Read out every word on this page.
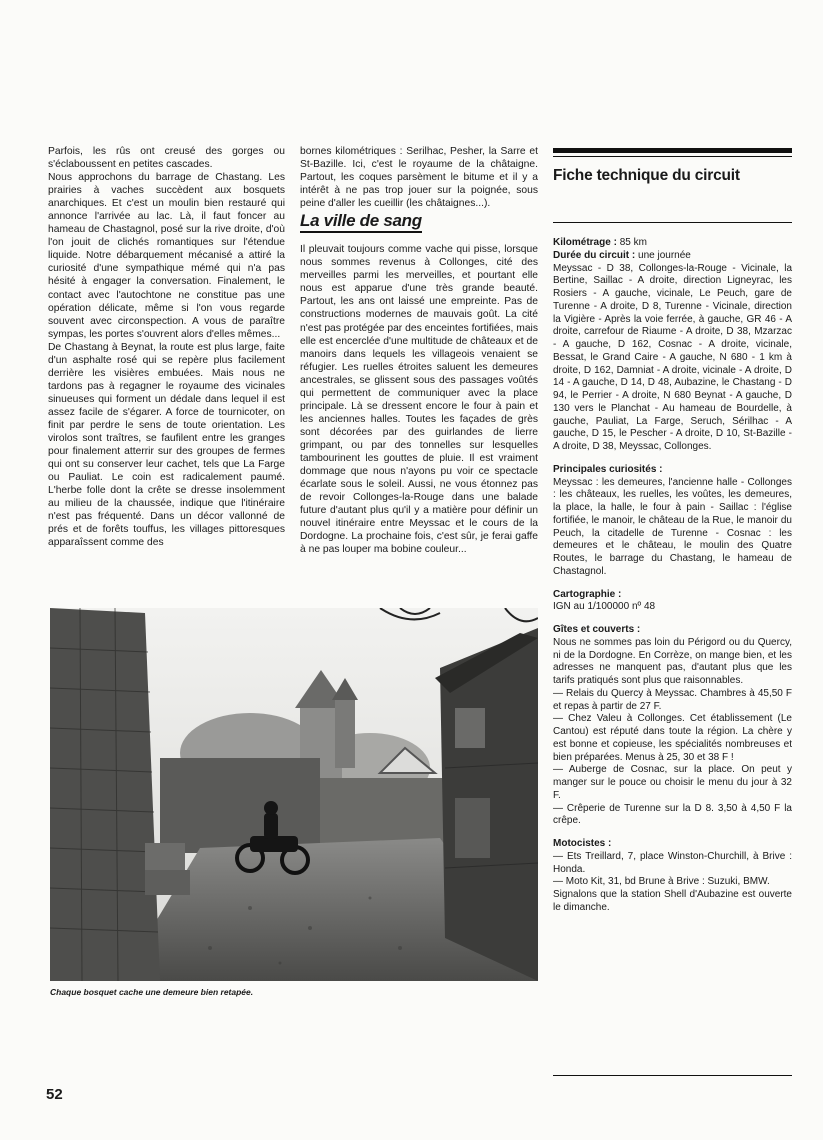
Parfois, les rûs ont creusé des gorges ou s'éclaboussent en petites cascades.

Nous approchons du barrage de Chastang. Les prairies à vaches succèdent aux bosquets anarchiques. Et c'est un moulin bien restauré qui annonce l'arrivée au lac. Là, il faut foncer au hameau de Chastagnol, posé sur la rive droite, d'où l'on jouit de clichés romantiques sur l'étendue liquide. Notre débarquement mécanisé a attiré la curiosité d'une sympathique mémé qui n'a pas hésité à engager la conversation. Finalement, le contact avec l'autochtone ne constitue pas une opération délicate, même si l'on vous regarde souvent avec circonspection. A vous de paraître sympas, les portes s'ouvrent alors d'elles mêmes...

De Chastang à Beynat, la route est plus large, faite d'un asphalte rosé qui se repère plus facilement derrière les visières embuées. Mais nous ne tardons pas à regagner le royaume des vicinales sinueuses qui forment un dédale dans lequel il est assez facile de s'égarer. A force de tournicoter, on finit par perdre le sens de toute orientation. Les virolos sont traîtres, se faufilent entre les granges pour finalement atterrir sur des groupes de fermes qui ont su conserver leur cachet, tels que La Farge ou Pauliat. Le coin est radicalement paumé. L'herbe folle dont la crête se dresse insolemment au milieu de la chaussée, indique que l'itinéraire n'est pas fréquenté. Dans un décor vallonné de prés et de forêts touffus, les villages pittoresques apparaîssent comme des

bornes kilométriques : Serilhac, Pesher, la Sarre et St-Bazille. Ici, c'est le royaume de la châtaigne. Partout, les coques parsèment le bitume et il y a intérêt à ne pas trop jouer sur la poignée, sous peine d'aller les cueillir (les châtaignes...).

La ville de sang

Il pleuvait toujours comme vache qui pisse, lorsque nous sommes revenus à Collonges, cité des merveilles parmi les merveilles, et pourtant elle nous est apparue d'une très grande beauté. Partout, les ans ont laissé une empreinte. Pas de constructions modernes de mauvais goût. La cité n'est pas protégée par des enceintes fortifiées, mais elle est encerclée d'une multitude de châteaux et de manoirs dans lequels les villageois venaient se réfugier. Les ruelles étroites saluent les demeures ancestrales, se glissent sous des passages voûtés qui permettent de communiquer avec la place principale. Là se dressent encore le four à pain et les anciennes halles. Toutes les façades de grès sont décorées par des guirlandes de lierre grimpant, ou par des tonnelles sur lesquelles tambourinent les gouttes de pluie. Il est vraiment dommage que nous n'ayons pu voir ce spectacle écarlate sous le soleil. Aussi, ne vous étonnez pas de revoir Collonges-la-Rouge dans une balade future d'autant plus qu'il y a matière pour définir un nouvel itinéraire entre Meyssac et le cours de la Dordogne. La prochaine fois, c'est sûr, je ferai gaffe à ne pas louper ma bobine couleur...

Fiche technique du circuit
Kilométrage : 85 km
Durée du circuit : une journée

Meyssac - D 38, Collonges-la-Rouge - Vicinale, la Bertine, Saillac - A droite, direction Ligneyrac, les Rosiers - A gauche, vicinale, Le Peuch, gare de Turenne - A droite, D 8, Turenne - Vicinale, direction la Vigière - Après la voie ferrée, à gauche, GR 46 - A droite, carrefour de Riaume - A droite, D 38, Mzarzac - A gauche, D 162, Cosnac - A droite, vicinale, Bessat, le Grand Caire - A gauche, N 680 - 1 km à droite, D 162, Damniat - A droite, vicinale - A droite, D 14 - A gauche, D 14, D 48, Aubazine, le Chastang - D 94, le Perrier - A droite, N 680 Beynat - A gauche, D 130 vers le Planchat - Au hameau de Bourdelle, à gauche, Pauliat, La Farge, Seruch, Sérilhac - A gauche, D 15, le Pescher - A droite, D 10, St-Bazille - A droite, D 38, Meyssac, Collonges.

Principales curiosités :

Meyssac : les demeures, l'ancienne halle - Collonges : les châteaux, les ruelles, les voûtes, les demeures, la place, la halle, le four à pain - Saillac : l'église fortifiée, le manoir, le château de la Rue, le manoir du Peuch, la citadelle de Turenne - Cosnac : les demeures et le château, le moulin des Quatre Routes, le barrage du Chastang, le hameau de Chastagnol.

Cartographie :

IGN au 1/100000 nº 48

Gîtes et couverts :

Nous ne sommes pas loin du Périgord ou du Quercy, ni de la Dordogne. En Corrèze, on mange bien, et les adresses ne manquent pas, d'autant plus que les tarifs pratiqués sont plus que raisonnables.

— Relais du Quercy à Meyssac. Chambres à 45,50 F et repas à partir de 27 F.

— Chez Valeu à Collonges. Cet établissement (Le Cantou) est réputé dans toute la région. La chère y est bonne et copieuse, les spécialités nombreuses et bien préparées. Menus à 25, 30 et 38 F !

— Auberge de Cosnac, sur la place. On peut y manger sur le pouce ou choisir le menu du jour à 32 F.

— Crêperie de Turenne sur la D 8. 3,50 à 4,50 F la crêpe.

Motocistes :

— Ets Treillard, 7, place Winston-Churchill, à Brive : Honda.

— Moto Kit, 31, bd Brune à Brive : Suzuki, BMW.

Signalons que la station Shell d'Aubazine est ouverte le dimanche.

Chaque bosquet cache une demeure bien retapée.
52
